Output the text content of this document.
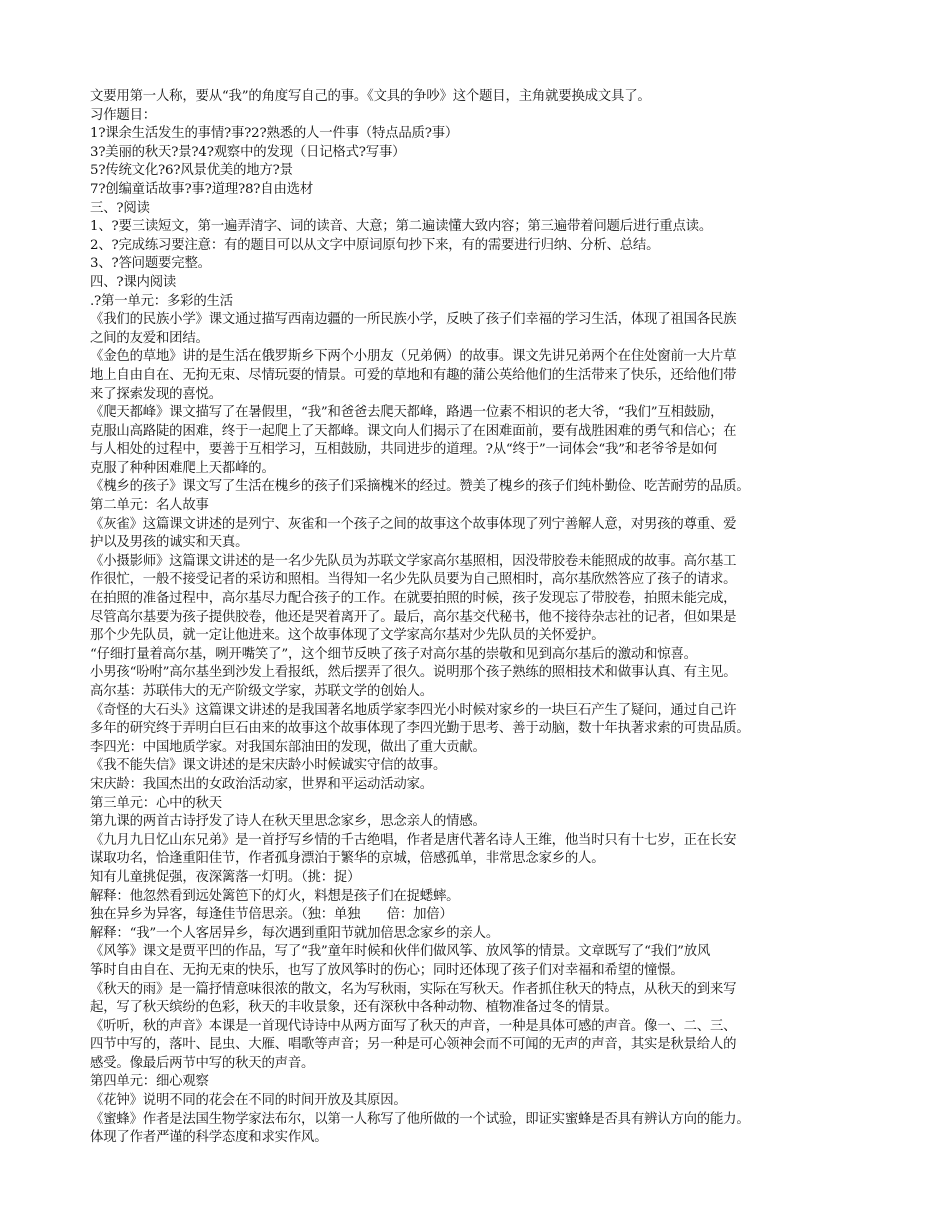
文要用第一人称，要从“我”的角度写自己的事。《文具的争吵》这个题目，主角就要换成文具了。
习作题目：
1?课余生活发生的事情?事?2?熟悉的人一件事（特点品质?事）
3?美丽的秋天?景?4?观察中的发现（日记格式?写事）
5?传统文化?6?风景优美的地方?景
7?创编童话故事?事?道理?8?自由选材
三、?阅读
1、?要三读短文，第一遍弄清字、词的读音、大意；第二遍读懂大致内容；第三遍带着问题后进行重点读。
2、?完成练习要注意：有的题目可以从文字中原词原句抄下来，有的需要进行归纳、分析、总结。
3、?答问题要完整。
四、?课内阅读
.?第一单元：多彩的生活
《我们的民族小学》课文通过描写西南边疆的一所民族小学，反映了孩子们幸福的学习生活，体现了祖国各民族
之间的友爱和团结。
《金色的草地》讲的是生活在俄罗斯乡下两个小朋友（兄弟俩）的故事。课文先讲兄弟两个在住处窗前一大片草
地上自由自在、无拘无束、尽情玩耍的情景。可爱的草地和有趣的蒲公英给他们的生活带来了快乐，还给他们带
来了探索发现的喜悦。
《爬天都峰》课文描写了在暑假里，“我”和爸爸去爬天都峰，路遇一位素不相识的老大爷，“我们”互相鼓励，
克服山高路陡的困难，终于一起爬上了天都峰。课文向人们揭示了在困难面前，要有战胜困难的勇气和信心；在
与人相处的过程中，要善于互相学习，互相鼓励，共同进步的道理。?从“终于”一词体会“我”和老爷爷是如何
克服了种种困难爬上天都峰的。
《槐乡的孩子》课文写了生活在槐乡的孩子们采摘槐米的经过。赞美了槐乡的孩子们纯朴勤俭、吃苦耐劳的品质。
第二单元：名人故事
《灰雀》这篇课文讲述的是列宁、灰雀和一个孩子之间的故事这个故事体现了列宁善解人意，对男孩的尊重、爱
护以及男孩的诚实和天真。
《小摄影师》这篇课文讲述的是一名少先队员为苏联文学家高尔基照相，因没带胶卷未能照成的故事。高尔基工
作很忙，一般不接受记者的采访和照相。当得知一名少先队员要为自己照相时，高尔基欣然答应了孩子的请求。
在拍照的准备过程中，高尔基尽力配合孩子的工作。在就要拍照的时候，孩子发现忘了带胶卷，拍照未能完成，
尽管高尔基要为孩子提供胶卷，他还是哭着离开了。最后，高尔基交代秘书，他不接待杂志社的记者，但如果是
那个少先队员，就一定让他进来。这个故事体现了文学家高尔基对少先队员的关怀爱护。
“仔细打量着高尔基，咧开嘴笑了”，这个细节反映了孩子对高尔基的崇敬和见到高尔基后的激动和惊喜。
小男孩“吩咐”高尔基坐到沙发上看报纸，然后摆弄了很久。说明那个孩子熟练的照相技术和做事认真、有主见。
高尔基：苏联伟大的无产阶级文学家，苏联文学的创始人。
《奇怪的大石头》这篇课文讲述的是我国著名地质学家李四光小时候对家乡的一块巨石产生了疑问，通过自己许
多年的研究终于弄明白巨石由来的故事这个故事体现了李四光勤于思考、善于动脑，数十年执著求索的可贵品质。
李四光：中国地质学家。对我国东部油田的发现，做出了重大贡献。
《我不能失信》课文讲述的是宋庆龄小时候诚实守信的故事。
宋庆龄：我国杰出的女政治活动家，世界和平运动活动家。
第三单元：心中的秋天
第九课的两首古诗抒发了诗人在秋天里思念家乡，思念亲人的情感。
《九月九日忆山东兄弟》是一首抒写乡情的千古绝唱，作者是唐代著名诗人王维，他当时只有十七岁，正在长安
谋取功名，恰逢重阳佳节，作者孤身漂泊于繁华的京城，倍感孤单，非常思念家乡的人。
知有儿童挑促强，夜深篱落一灯明。（挑：捉）
解释：他忽然看到远处篱笆下的灯火，料想是孩子们在捉蟋蟀。
独在异乡为异客，每逢佳节倍思亲。（独：单独　　倍：加倍）
解释：“我”一个人客居异乡，每次遇到重阳节就加倍思念家乡的亲人。
《风筝》课文是贾平凹的作品，写了“我”童年时候和伙伴们做风筝、放风筝的情景。文章既写了“我们”放风
筝时自由自在、无拘无束的快乐，也写了放风筝时的伤心；同时还体现了孩子们对幸福和希望的憧憬。
《秋天的雨》是一篇抒情意味很浓的散文，名为写秋雨，实际在写秋天。作者抓住秋天的特点，从秋天的到来写
起，写了秋天缤纷的色彩，秋天的丰收景象，还有深秋中各种动物、植物准备过冬的情景。
《听听，秋的声音》本课是一首现代诗诗中从两方面写了秋天的声音，一种是具体可感的声音。像一、二、三、
四节中写的，落叶、昆虫、大雁、唱歌等声音；另一种是可心领神会而不可闻的无声的声音，其实是秋景给人的
感受。像最后两节中写的秋天的声音。
第四单元：细心观察
《花钟》说明不同的花会在不同的时间开放及其原因。
《蜜蜂》作者是法国生物学家法布尔，以第一人称写了他所做的一个试验，即证实蜜蜂是否具有辨认方向的能力。
体现了作者严谨的科学态度和求实作风。
